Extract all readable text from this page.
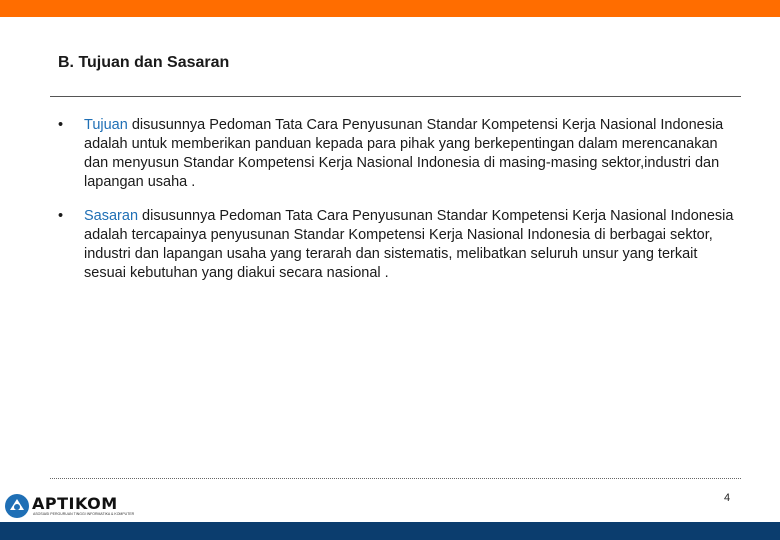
B. Tujuan dan Sasaran
• Tujuan disusunnya Pedoman Tata Cara Penyusunan Standar Kompetensi Kerja Nasional Indonesia adalah untuk memberikan panduan kepada para pihak yang berkepentingan dalam merencanakan dan menyusun Standar Kompetensi Kerja Nasional Indonesia di masing-masing sektor,industri dan lapangan usaha .
• Sasaran disusunnya Pedoman Tata Cara Penyusunan Standar Kompetensi Kerja Nasional Indonesia adalah tercapainya penyusunan Standar Kompetensi Kerja Nasional Indonesia di berbagai sektor, industri dan lapangan usaha yang terarah dan sistematis, melibatkan seluruh unsur yang terkait sesuai kebutuhan yang diakui secara nasional .
APTIKOM
ASOSIASI PERGURUAN TINGGI INFORMATIKA & KOMPUTER
4
